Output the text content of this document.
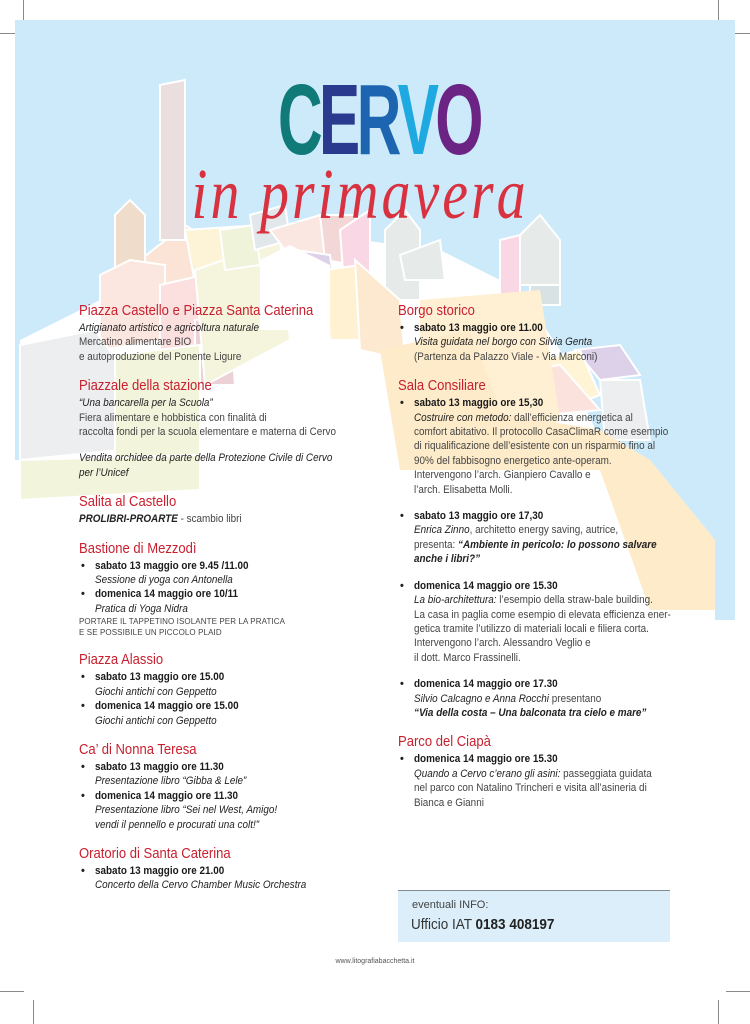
CERVO
in primavera
Piazza Castello e Piazza Santa Caterina
Artigianato artistico e agricoltura naturale
Mercatino alimentare BIO
e autoproduzione del Ponente Ligure
Piazzale della stazione
“Una bancarella per la Scuola”
Fiera alimentare e hobbistica con finalità di
raccolta fondi per la scuola elementare e materna di Cervo
Vendita orchidee da parte della Protezione Civile di Cervo
per l’Unicef
Salita al Castello
PROLIBRI-PROARTE - scambio libri
Bastione di Mezzodì
• sabato 13 maggio ore 9.45 /11.00
Sessione di yoga con Antonella
• domenica 14 maggio ore 10/11
Pratica di Yoga Nidra
PORTARE IL TAPPETINO ISOLANTE PER LA PRATICA
E SE POSSIBILE UN PICCOLO PLAID
Piazza Alassio
• sabato 13 maggio ore 15.00
Giochi antichi con Geppetto
• domenica 14 maggio ore 15.00
Giochi antichi con Geppetto
Ca’ di Nonna Teresa
• sabato 13 maggio ore 11.30
Presentazione libro “Gibba & Lele”
• domenica 14 maggio ore 11.30
Presentazione libro “Sei nel West, Amigo!
vendi il pennello e procurati una colt!”
Oratorio di Santa Caterina
• sabato 13 maggio ore 21.00
Concerto della Cervo Chamber Music Orchestra
Borgo storico
• sabato 13 maggio ore 11.00
Visita guidata nel borgo con Silvia Genta
(Partenza da Palazzo Viale - Via Marconi)
Sala Consiliare
• sabato 13 maggio ore 15,30 Costruire con metodo: dall’efficienza energetica al comfort abitativo. Il protocollo CasaClimaR come esempio di riqualificazione dell’esistente con un risparmio fino al 90% del fabbisogno energetico ante-operam. Intervengono l’arch. Gianpiero Cavallo e l’arch. Elisabetta Molli.
• sabato 13 maggio ore 17,30 Enrica Zinno, architetto energy saving, autrice, presenta: “Ambiente in pericolo: lo possono salvare anche i libri?”
• domenica 14 maggio ore 15.30 La bio-architettura: l’esempio della straw-bale building. La casa in paglia come esempio di elevata efficienza ener- getica tramite l’utilizzo di materiali locali e filiera corta. Intervengono l’arch. Alessandro Veglio e il dott. Marco Frassinelli.
• domenica 14 maggio ore 17.30 Silvio Calcagno e Anna Rocchi presentano “Via della costa – Una balconata tra cielo e mare”
Parco del Ciapà
• domenica 14 maggio ore 15.30 Quando a Cervo c’erano gli asini: passeggiata guidata nel parco con Natalino Trincheri e visita all’asineria di Bianca e Gianni
eventuali INFO:
Ufficio IAT 0183 408197
www.litografiabacchetta.it
